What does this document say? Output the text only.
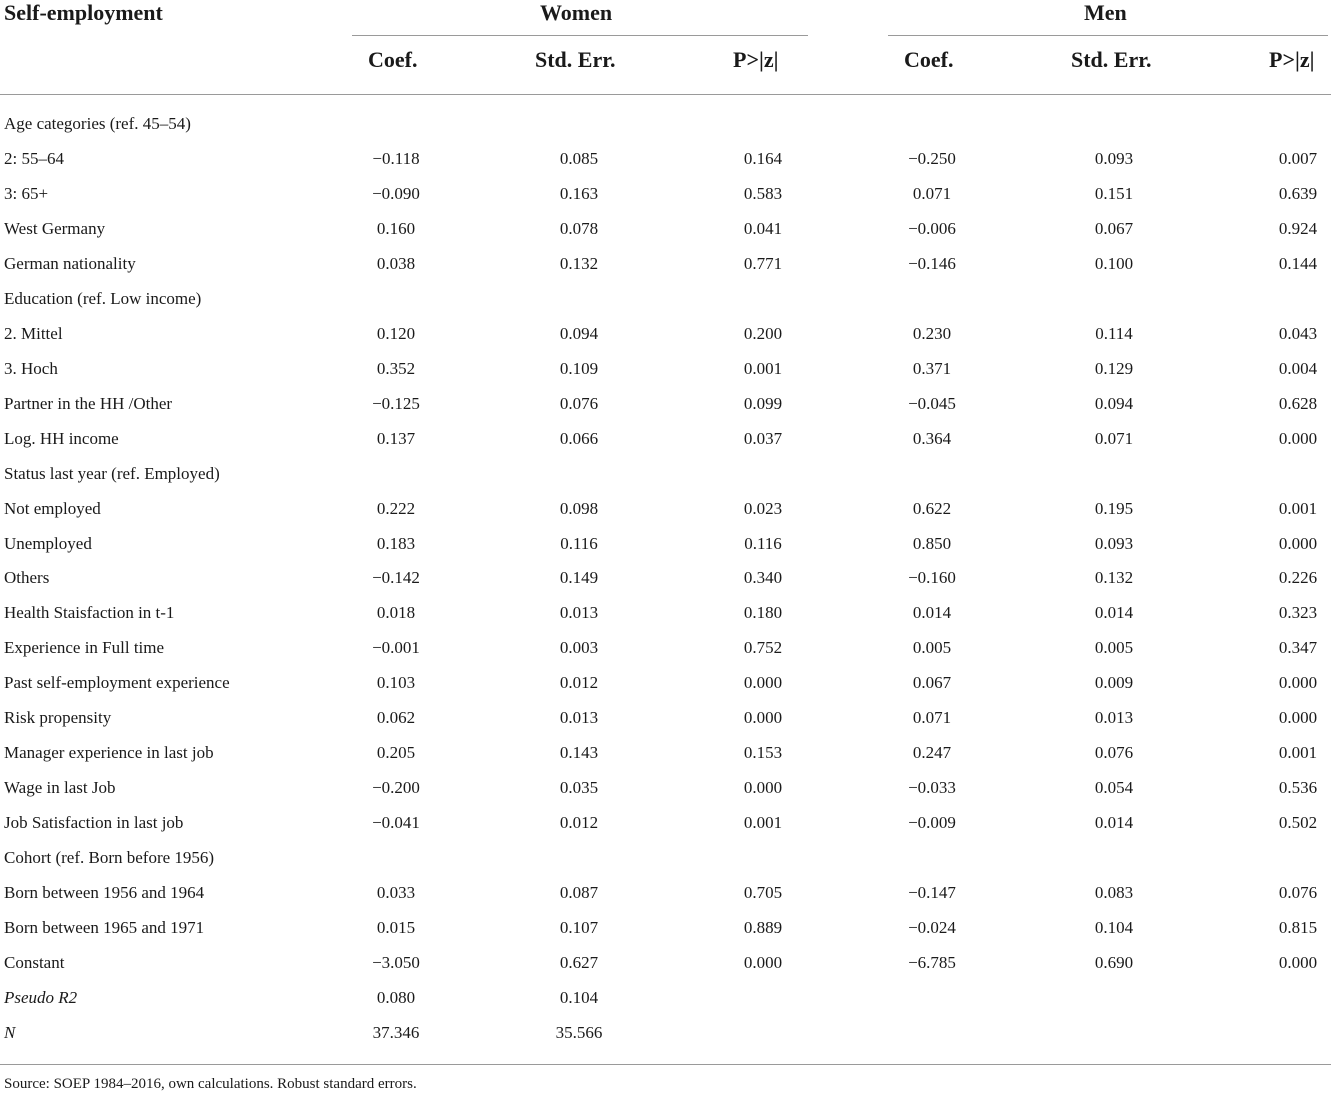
Self-employment	Women	Men
Coef.	Std. Err.	P>|z|	Coef.	Std. Err.	P>|z|
Age categories (ref. 45–54)
2: 55–64	−0.118	0.085	0.164	−0.250	0.093	0.007
3: 65+	−0.090	0.163	0.583	0.071	0.151	0.639
West Germany	0.160	0.078	0.041	−0.006	0.067	0.924
German nationality	0.038	0.132	0.771	−0.146	0.100	0.144
Education (ref. Low income)
2. Mittel	0.120	0.094	0.200	0.230	0.114	0.043
3. Hoch	0.352	0.109	0.001	0.371	0.129	0.004
Partner in the HH /Other	−0.125	0.076	0.099	−0.045	0.094	0.628
Log. HH income	0.137	0.066	0.037	0.364	0.071	0.000
Status last year (ref. Employed)
Not employed	0.222	0.098	0.023	0.622	0.195	0.001
Unemployed	0.183	0.116	0.116	0.850	0.093	0.000
Others	−0.142	0.149	0.340	−0.160	0.132	0.226
Health Staisfaction in t-1	0.018	0.013	0.180	0.014	0.014	0.323
Experience in Full time	−0.001	0.003	0.752	0.005	0.005	0.347
Past self-employment experience	0.103	0.012	0.000	0.067	0.009	0.000
Risk propensity	0.062	0.013	0.000	0.071	0.013	0.000
Manager experience in last job	0.205	0.143	0.153	0.247	0.076	0.001
Wage in last Job	−0.200	0.035	0.000	−0.033	0.054	0.536
Job Satisfaction in last job	−0.041	0.012	0.001	−0.009	0.014	0.502
Cohort (ref. Born before 1956)
Born between 1956 and 1964	0.033	0.087	0.705	−0.147	0.083	0.076
Born between 1965 and 1971	0.015	0.107	0.889	−0.024	0.104	0.815
Constant	−3.050	0.627	0.000	−6.785	0.690	0.000
Pseudo R2	0.080	0.104
N	37.346	35.566
Source: SOEP 1984–2016, own calculations. Robust standard errors.
